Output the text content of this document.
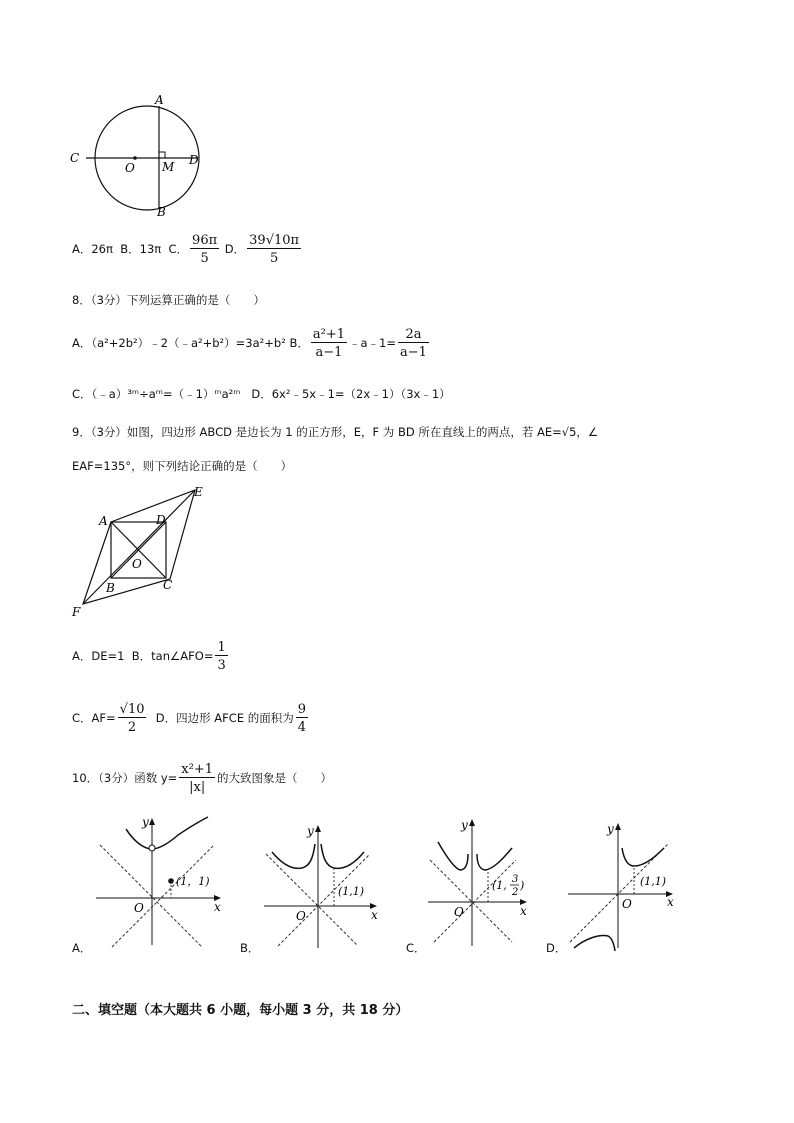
A
C	D
O M
B
A．26π B．13π C． $\frac{96\pi}{5}$ D． $\frac{39√10\pi}{5}$
8．（3分）下列运算正确的是（　　）
A．（a²+2b²）﹣2（﹣a²+b²）=3a²+b² B． $\frac{\text{a²+1}}{a-1}$ ﹣a﹣1= $\frac{2a}{a-1}$
C．（﹣a）³ᵐ÷aᵐ=（﹣1）ᵐa²ᵐ D．6x²﹣5x﹣1=（2x﹣1）（3x﹣1）
9．（3分）如图，四边形 ABCD 是边长为 1 的正方形，E，F 为 BD 所在直线上的两点，若 AE=√5，∠
EAF=135°，则下列结论正确的是（　　）
A	D
E
O
B	C
F
A．DE=1 B．tan∠AFO= $\frac{1}{3}$
C．$AF= \frac{√10}{2}$ D．四边形 AFCE 的面积为 $\frac{9}{4}$
10．（3分）函数 $y= \frac{\text{x²+1}}{|x|}$ 的大致图象是（　　）
y
x
O
(1，1)
A．
y
x
O
(1,1)
B．
y
x
O
(1, 3
2
)
C．
y
x
O
(1,1)
D．
二、填空题（本大题共 6 小题，每小题 3 分，共 18 分）
